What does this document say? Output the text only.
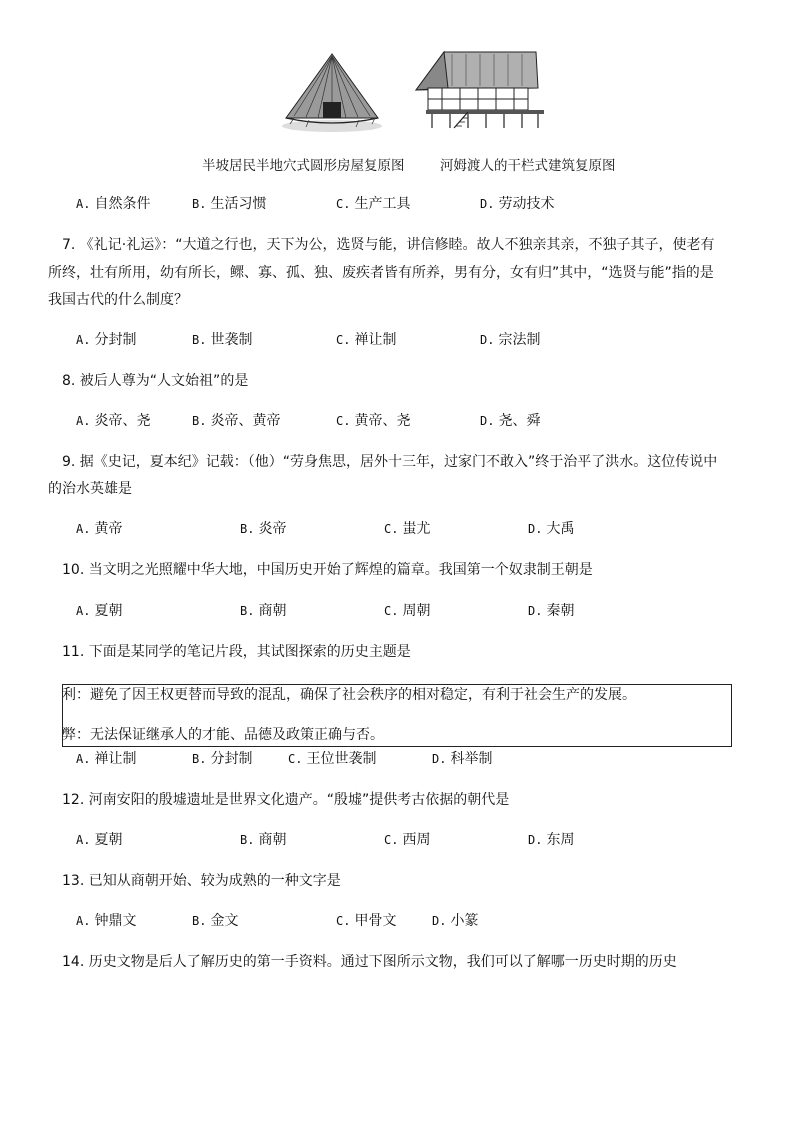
半坡居民半地穴式圆形房屋复原图	河姆渡人的干栏式建筑复原图
A. 自然条件	B. 生活习惯	C. 生产工具	D. 劳动技术
7. 《礼记·礼运》：“大道之行也，天下为公，选贤与能，讲信修睦。故人不独亲其亲，不独子其子，使老有
所终，壮有所用，幼有所长，鳏、寡、孤、独、废疾者皆有所养，男有分，女有归”其中，“选贤与能”指的是
我国古代的什么制度？
A. 分封制	B. 世袭制	C. 禅让制	D. 宗法制
8. 被后人尊为“人文始祖”的是
A. 炎帝、尧	B. 炎帝、黄帝	C. 黄帝、尧	D. 尧、舜
9. 据《史记，夏本纪》记载：（他）“劳身焦思，居外十三年，过家门不敢入”终于治平了洪水。这位传说中
的治水英雄是
A. 黄帝	B. 炎帝	C. 蚩尤	D. 大禹
10. 当文明之光照耀中华大地，中国历史开始了辉煌的篇章。我国第一个奴隶制王朝是
A. 夏朝	B. 商朝	C. 周朝	D. 秦朝
11. 下面是某同学的笔记片段，其试图探索的历史主题是
利：避免了因王权更替而导致的混乱，确保了社会秩序的相对稳定，有利于社会生产的发展。
弊：无法保证继承人的才能、品德及政策正确与否。
A. 禅让制	B. 分封制	C. 王位世袭制	D. 科举制
12. 河南安阳的殷墟遗址是世界文化遗产。“殷墟”提供考古依据的朝代是
A. 夏朝	B. 商朝	C. 西周	D. 东周
13. 已知从商朝开始、较为成熟的一种文字是
A. 钟鼎文	B. 金文	C. 甲骨文	D. 小篆
14. 历史文物是后人了解历史的第一手资料。通过下图所示文物，我们可以了解哪一历史时期的历史
